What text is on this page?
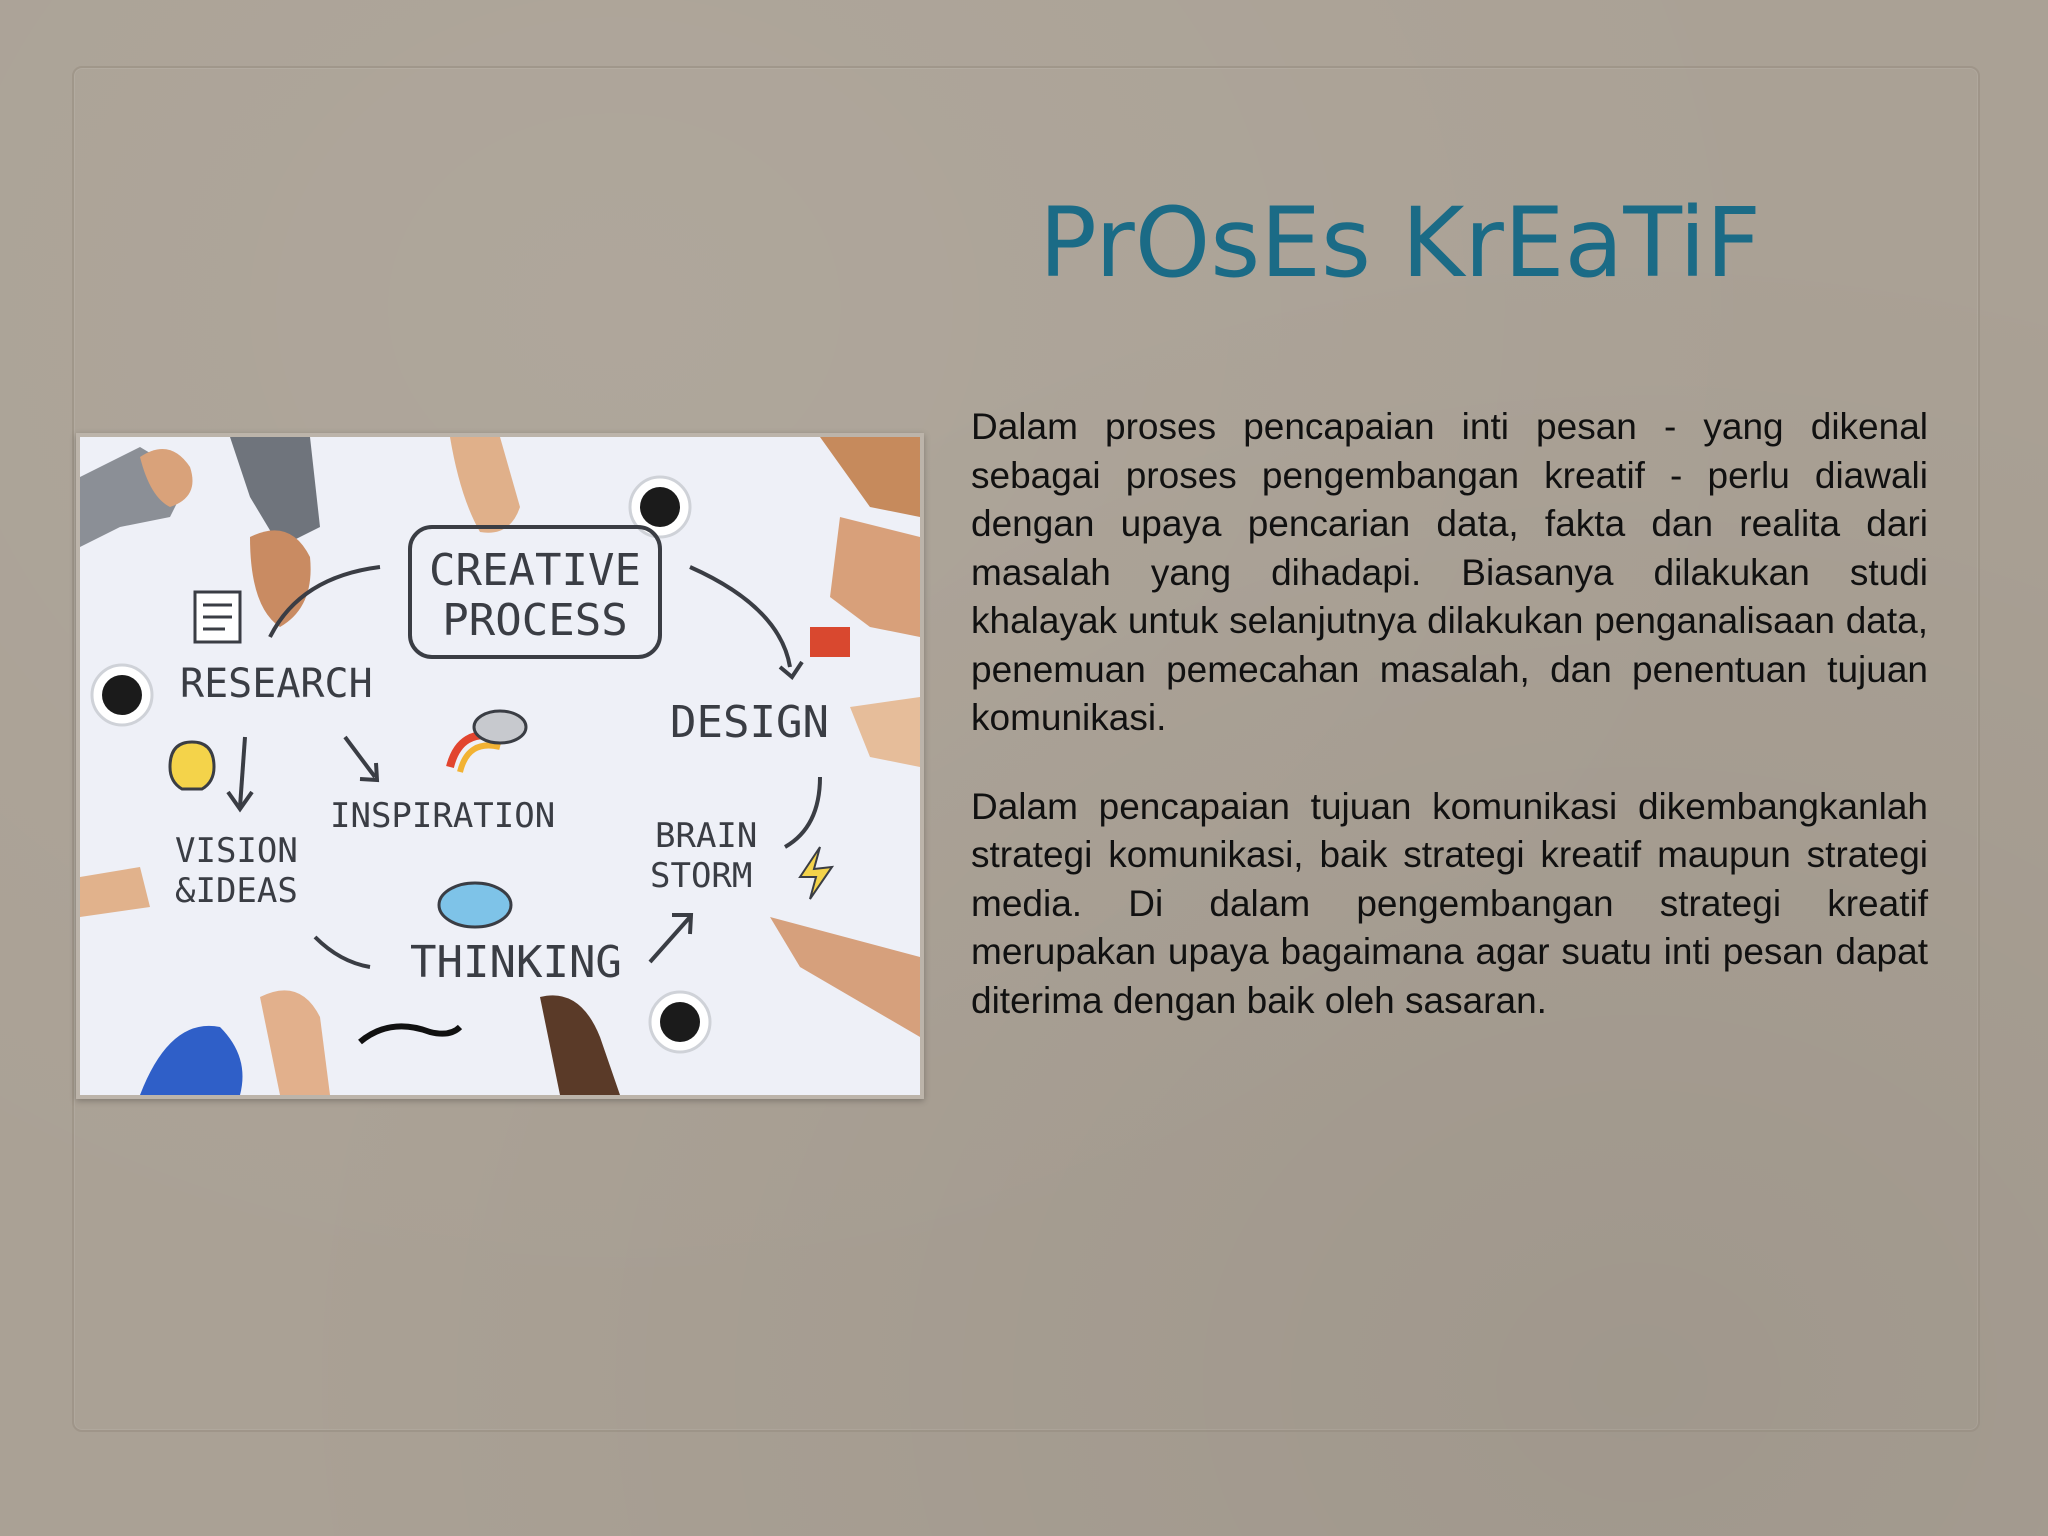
PrOsEs KrEaTiF
CREATIVE
PROCESS
RESEARCH
DESIGN
INSPIRATION
VISION
&IDEAS
BRAIN
STORM
THINKING

Dalam proses pencapaian inti pesan - yang dikenal sebagai proses pengembangan kreatif - perlu diawali dengan upaya pencarian data, fakta dan realita dari masalah yang dihadapi. Biasanya dilakukan studi khalayak untuk selanjutnya dilakukan penganalisaan data, penemuan pemecahan masalah, dan penentuan tujuan komunikasi.

Dalam pencapaian tujuan komunikasi dikembangkanlah strategi komunikasi, baik strategi kreatif maupun strategi media. Di dalam pengembangan strategi kreatif merupakan upaya bagaimana agar suatu inti pesan dapat diterima dengan baik oleh sasaran.
